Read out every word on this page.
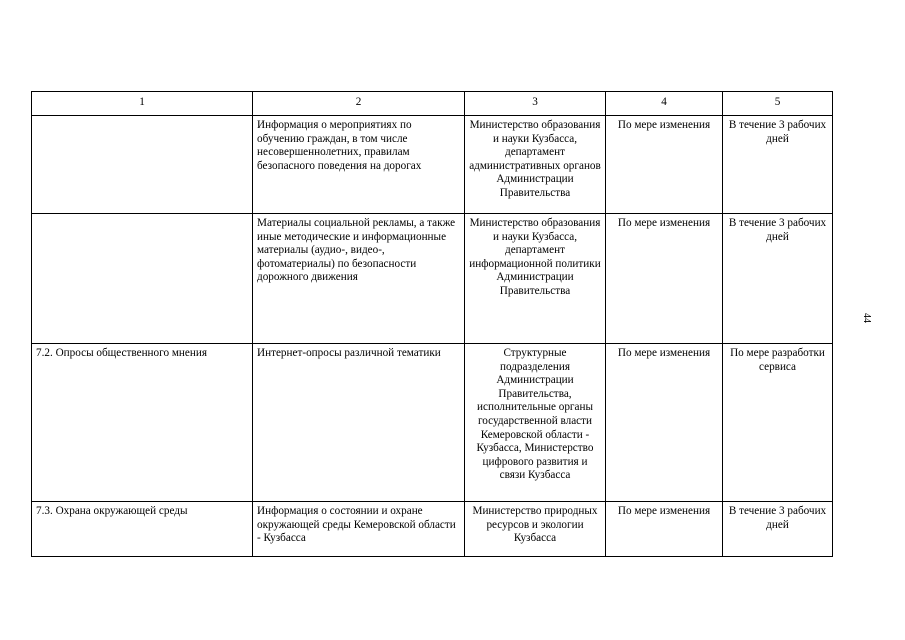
1	2	3	4	5
	Информация о мероприятиях по обучению граждан, в том числе несовершеннолетних, правилам безопасного поведения на дорогах	Министерство образования и науки Кузбасса, департамент административных органов Администрации Правительства	По мере изменения	В течение 3 рабочих дней
	Материалы социальной рекламы, а также иные методические и информационные материалы (аудио-, видео-, фотоматериалы) по безопасности дорожного движения	Министерство образования и науки Кузбасса, департамент информационной политики Администрации Правительства	По мере изменения	В течение 3 рабочих дней
7.2. Опросы общественного мнения	Интернет-опросы различной тематики	Структурные подразделения Администрации Правительства, исполнительные органы государственной власти Кемеровской области - Кузбасса, Министерство цифрового развития и связи Кузбасса	По мере изменения	По мере разработки сервиса
7.3. Охрана окружающей среды	Информация о состоянии и охране окружающей среды Кемеровской области - Кузбасса	Министерство природных ресурсов и экологии Кузбасса	По мере изменения	В течение 3 рабочих дней
44
